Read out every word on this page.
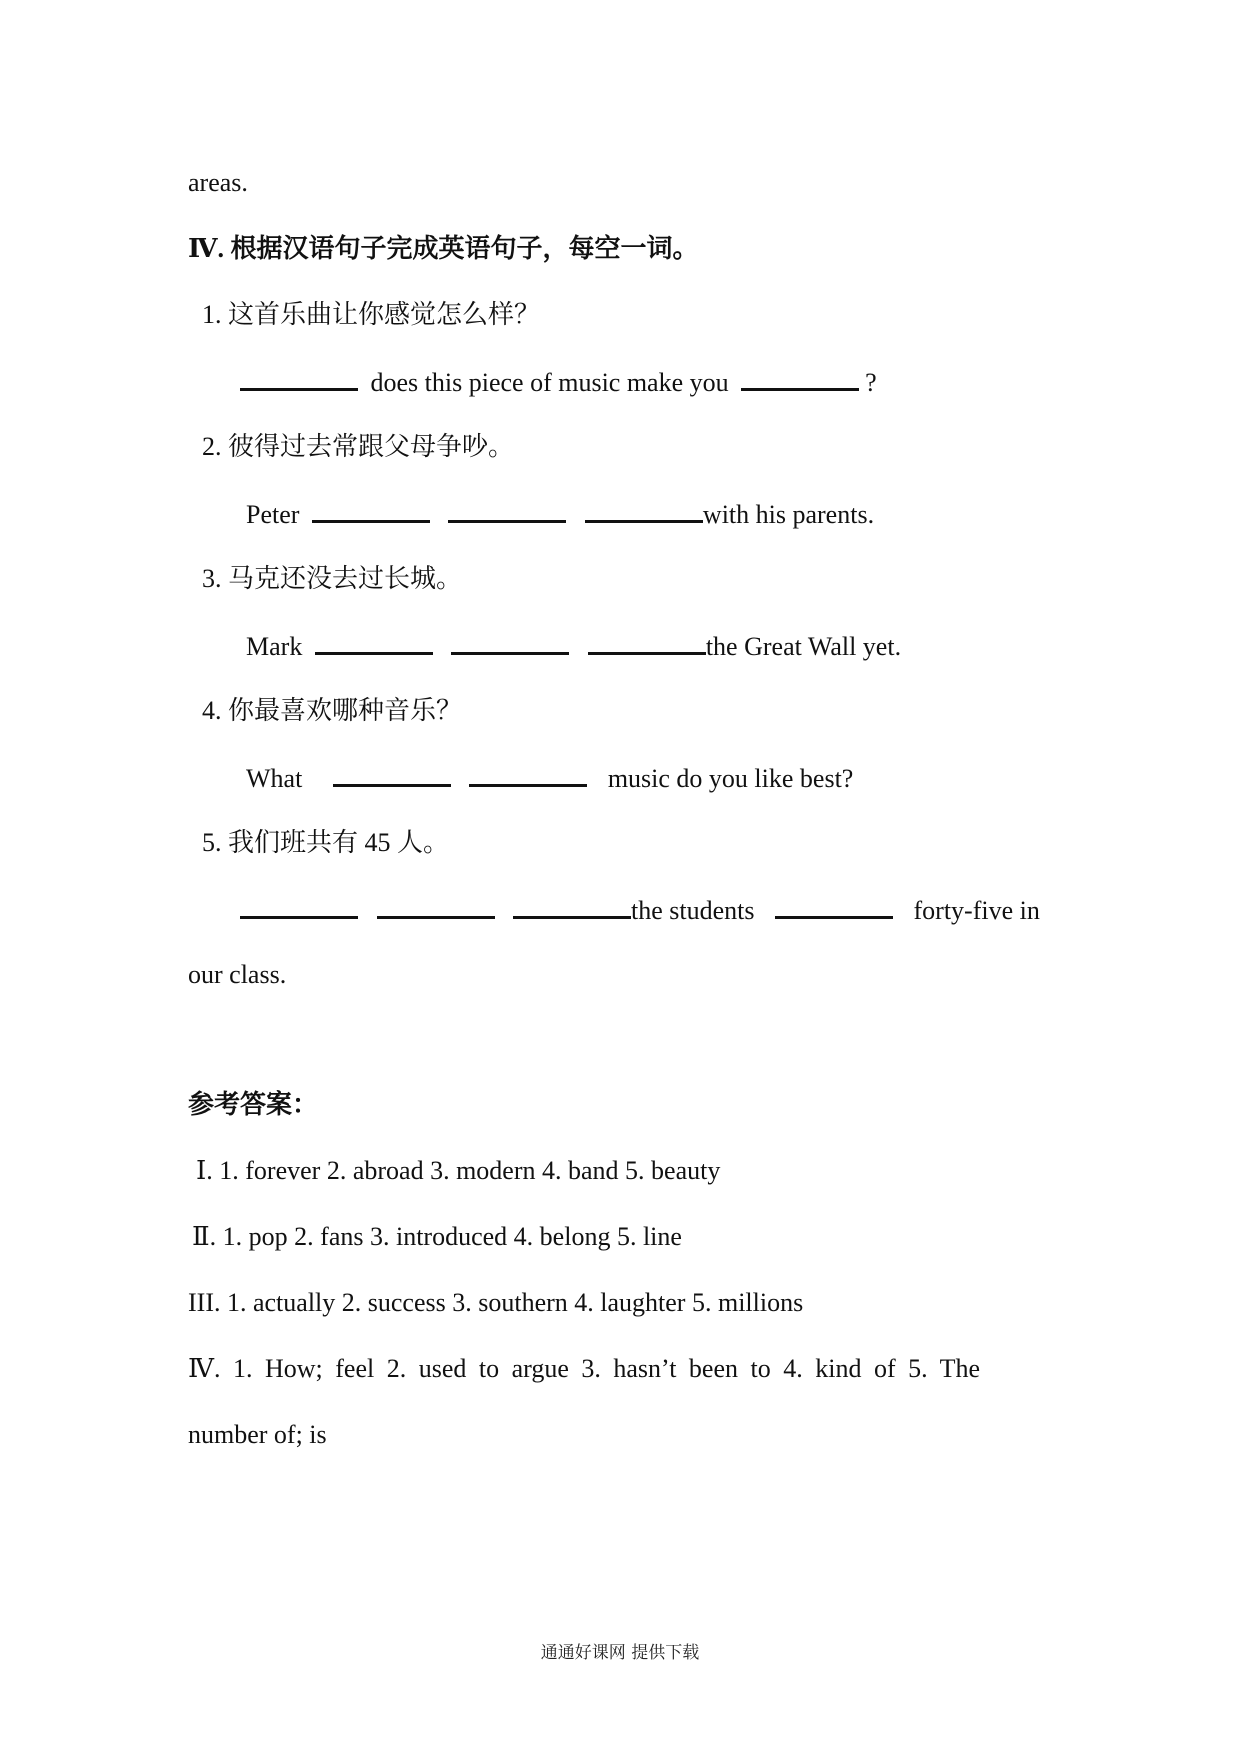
areas.
Ⅳ. 根据汉语句子完成英语句子，每空一词。
1. 这首乐曲让你感觉怎么样？
does this piece of music make you	?
2. 彼得过去常跟父母争吵。
Peter	with his parents.
3. 马克还没去过长城。
Mark	the Great Wall yet.
4. 你最喜欢哪种音乐？
What	music do you like best?
5. 我们班共有 45 人。
the students	forty-five in
our class.
参考答案：
Ⅰ. 1. forever 2. abroad 3. modern 4. band 5. beauty
Ⅱ. 1. pop 2. fans 3. introduced 4. belong 5. line
III. 1. actually 2. success 3. southern 4. laughter 5. millions
Ⅳ. 1. How; feel 2. used to argue 3. hasn’t been to 4. kind of 5. The
number of; is
通通好课网 提供下载
